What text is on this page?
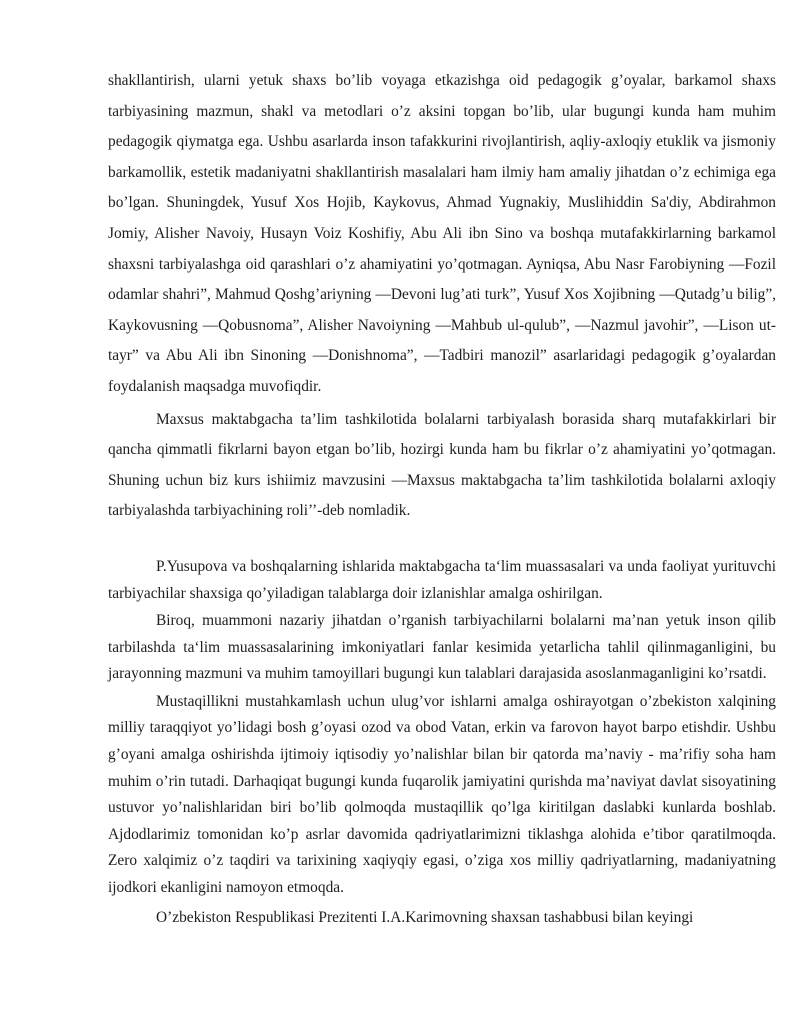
shakllantirish, ularni yetuk shaxs bo’lib voyaga etkazishga oid pedagogik g’oyalar, barkamol shaxs tarbiyasining mazmun, shakl va metodlari o’z aksini topgan bo’lib, ular bugungi kunda ham muhim pedagogik qiymatga ega. Ushbu asarlarda inson tafakkurini rivojlantirish, aqliy-axloqiy etuklik va jismoniy barkamollik, estetik madaniyatni shakllantirish masalalari ham ilmiy ham amaliy jihatdan o’z echimiga ega bo’lgan. Shuningdek, Yusuf Xos Hojib, Kaykovus, Ahmad Yugnakiy, Muslihiddin Sa'diy, Abdirahmon Jomiy, Alisher Navoiy, Husayn Voiz Koshifiy, Abu Ali ibn Sino va boshqa mutafakkirlarning barkamol shaxsni tarbiyalashga oid qarashlari o’z ahamiyatini yo’qotmagan. Ayniqsa, Abu Nasr Farobiyning ―Fozil odamlar shahri”, Mahmud Qoshg’ariyning ―Devoni lug’ati turk”, Yusuf Xos Xojibning ―Qutadg’u bilig”, Kaykovusning ―Qobusnoma”, Alisher Navoiyning ―Mahbub ul-qulub”, ―Nazmul javohir”, ―Lison ut-tayr” va Abu Ali ibn Sinoning ―Donishnoma”, ―Tadbiri manozil” asarlaridagi pedagogik g’oyalardan foydalanish maqsadga muvofiqdir.

Maxsus maktabgacha ta’lim tashkilotida bolalarni tarbiyalash borasida sharq mutafakkirlari bir qancha qimmatli fikrlarni bayon etgan bo’lib, hozirgi kunda ham bu fikrlar o’z ahamiyatini yo’qotmagan. Shuning uchun biz kurs ishiimiz mavzusini ―Maxsus maktabgacha ta’lim tashkilotida bolalarni axloqiy tarbiyalashda tarbiyachining roli’’-deb nomladik.

P.Yusupova va boshqalarning ishlarida maktabgacha ta‘lim muassasalari va unda faoliyat yurituvchi tarbiyachilar shaxsiga qo’yiladigan talablarga doir izlanishlar amalga oshirilgan.

Biroq, muammoni nazariy jihatdan o’rganish tarbiyachilarni bolalarni ma’nan yetuk inson qilib tarbilashda ta‘lim muassasalarining imkoniyatlari fanlar kesimida yetarlicha tahlil qilinmaganligini, bu jarayonning mazmuni va muhim tamoyillari bugungi kun talablari darajasida asoslanmaganligini ko’rsatdi.

Mustaqillikni mustahkamlash uchun ulug’vor ishlarni amalga oshirayotgan o’zbekiston xalqining milliy taraqqiyot yo’lidagi bosh g’oyasi ozod va obod Vatan, erkin va farovon hayot barpo etishdir. Ushbu g’oyani amalga oshirishda ijtimoiy iqtisodiy yo’nalishlar bilan bir qatorda ma’naviy - ma’rifiy soha ham muhim o’rin tutadi. Darhaqiqat bugungi kunda fuqarolik jamiyatini qurishda ma’naviyat davlat sisoyatining ustuvor yo’nalishlaridan biri bo’lib qolmoqda mustaqillik qo’lga kiritilgan daslabki kunlarda boshlab. Ajdodlarimiz tomonidan ko’p asrlar davomida qadriyatlarimizni tiklashga alohida e’tibor qaratilmoqda. Zero xalqimiz o’z taqdiri va tarixining xaqiyqiy egasi, o’ziga xos milliy qadriyatlarning, madaniyatning ijodkori ekanligini namoyon etmoqda.

O’zbekiston Respublikasi Prezitenti I.A.Karimovning shaxsan tashabbusi bilan keyingi
